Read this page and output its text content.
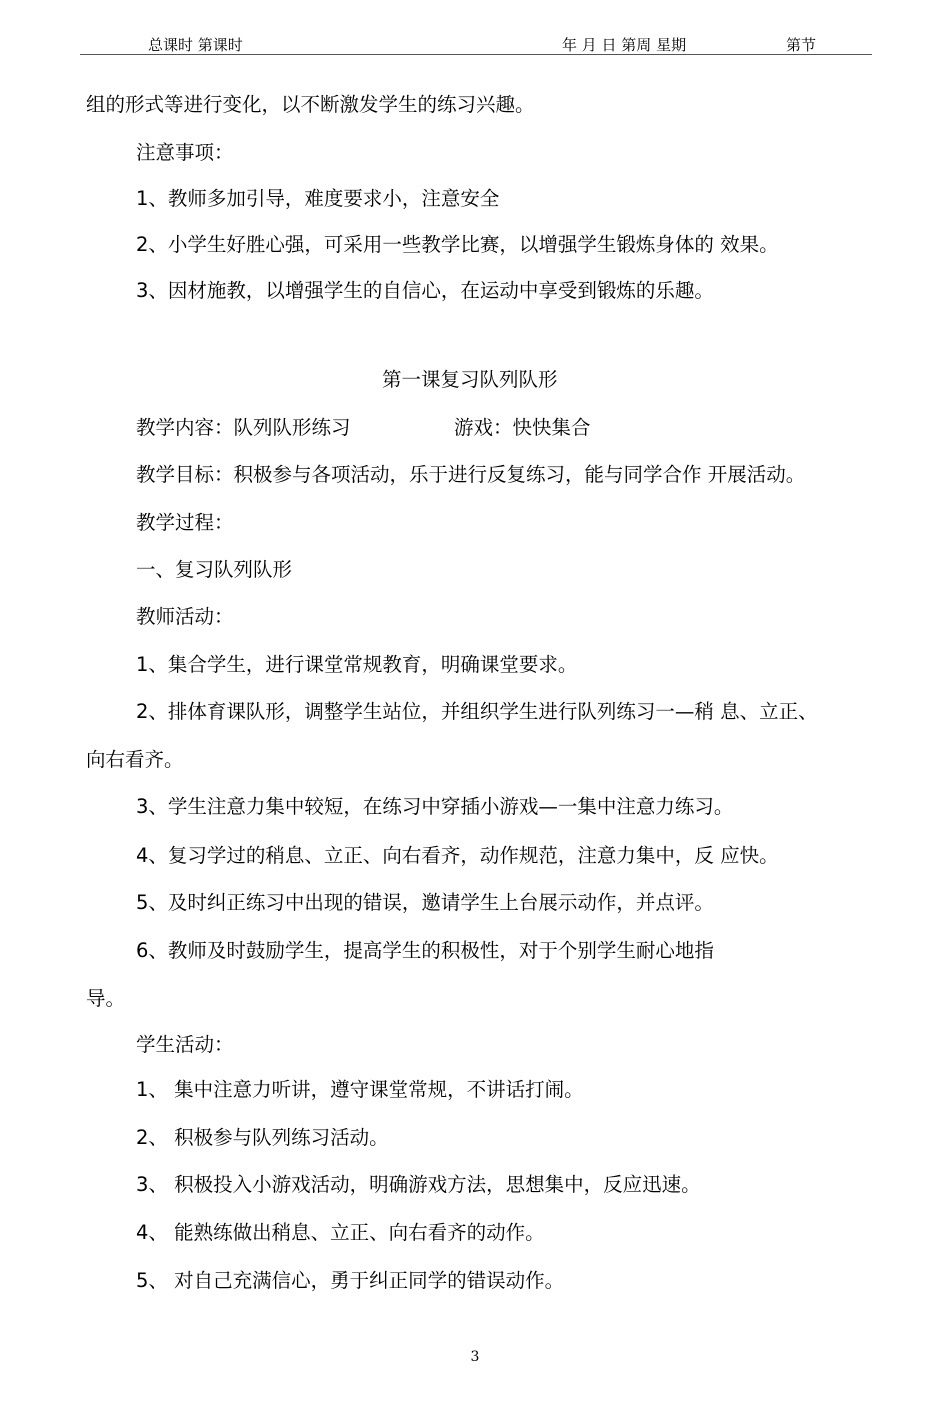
总课时 第课时	年 月 日 第周 星期	第节
组的形式等进行变化，以不断激发学生的练习兴趣。
注意事项：
1、教师多加引导，难度要求小，注意安全
2、小学生好胜心强，可采用一些教学比赛，以增强学生锻炼身体的 效果。
3、因材施教，以增强学生的自信心，在运动中享受到锻炼的乐趣。
第一课复习队列队形
教学内容：队列队形练习	游戏：快快集合
教学目标：积极参与各项活动，乐于进行反复练习，能与同学合作 开展活动。
教学过程：
一、复习队列队形
教师活动：
1、集合学生，进行课堂常规教育，明确课堂要求。
2、排体育课队形，调整学生站位，并组织学生进行队列练习一—稍 息、立正、
向右看齐。
3、学生注意力集中较短，在练习中穿插小游戏—一集中注意力练习。
4、复习学过的稍息、立正、向右看齐，动作规范，注意力集中，反 应快。
5、及时纠正练习中出现的错误，邀请学生上台展示动作，并点评。
6、教师及时鼓励学生，提高学生的积极性，对于个别学生耐心地指
导。
学生活动：
1、 集中注意力听讲，遵守课堂常规，不讲话打闹。
2、 积极参与队列练习活动。
3、 积极投入小游戏活动，明确游戏方法，思想集中，反应迅速。
4、 能熟练做出稍息、立正、向右看齐的动作。
5、 对自己充满信心，勇于纠正同学的错误动作。
3
